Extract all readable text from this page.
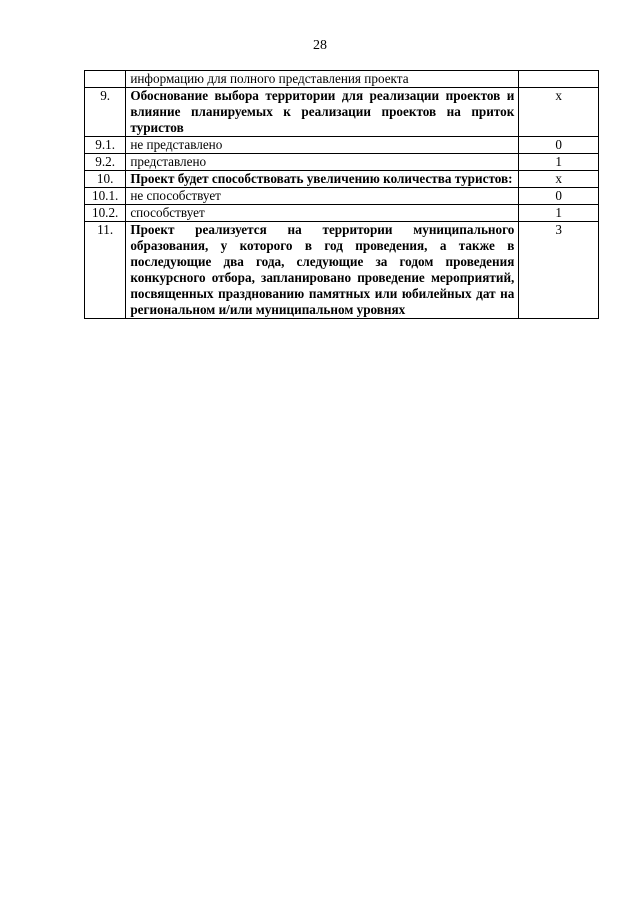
28
	информацию для полного представления проекта	
9.	Обоснование выбора территории для реализации проектов и влияние планируемых к реализации проектов на приток туристов	х
9.1.	не представлено	0
9.2.	представлено	1
10.	Проект будет способствовать увеличению количества туристов:	х
10.1.	не способствует	0
10.2.	способствует	1
11.	Проект реализуется на территории муниципального образования, у которого в год проведения, а также в последующие два года, следующие за годом проведения конкурсного отбора, запланировано проведение мероприятий, посвященных празднованию памятных или юбилейных дат на региональном и/или муниципальном уровнях	3
